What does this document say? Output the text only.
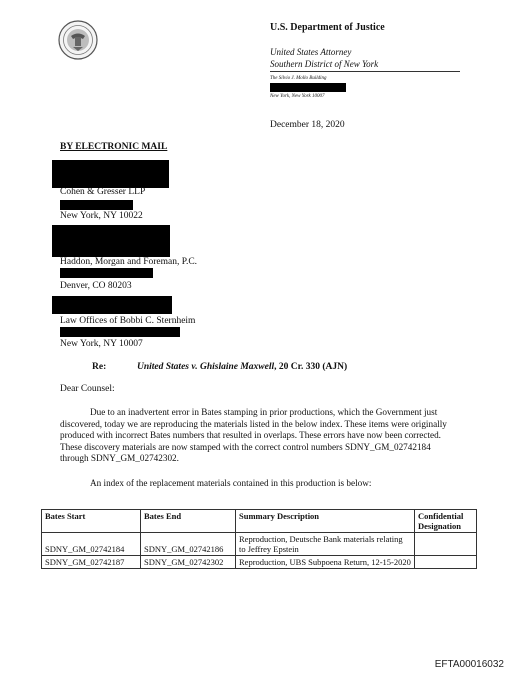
U.S. Department of Justice
United States Attorney
Southern District of New York
The Silvio J. Mollo Building
New York, New York 10007
December 18, 2020
BY ELECTRONIC MAIL
Cohen & Gresser LLP
New York, NY 10022
Haddon, Morgan and Foreman, P.C.
Denver, CO 80203
Law Offices of Bobbi C. Sternheim
New York, NY 10007
Re:	United States v. Ghislaine Maxwell, 20 Cr. 330 (AJN)
Dear Counsel:
Due to an inadvertent error in Bates stamping in prior productions, which the Government just discovered, today we are reproducing the materials listed in the below index. These items were originally produced with incorrect Bates numbers that resulted in overlaps. These errors have now been corrected. These discovery materials are now stamped with the correct control numbers SDNY_GM_02742184 through SDNY_GM_02742302.
An index of the replacement materials contained in this production is below:
Bates Start	Bates End	Summary Description	Confidential Designation
SDNY_GM_02742184	SDNY_GM_02742186	Reproduction, Deutsche Bank materials relating to Jeffrey Epstein	
SDNY_GM_02742187	SDNY_GM_02742302	Reproduction, UBS Subpoena Return, 12-15-2020	
EFTA00016032
